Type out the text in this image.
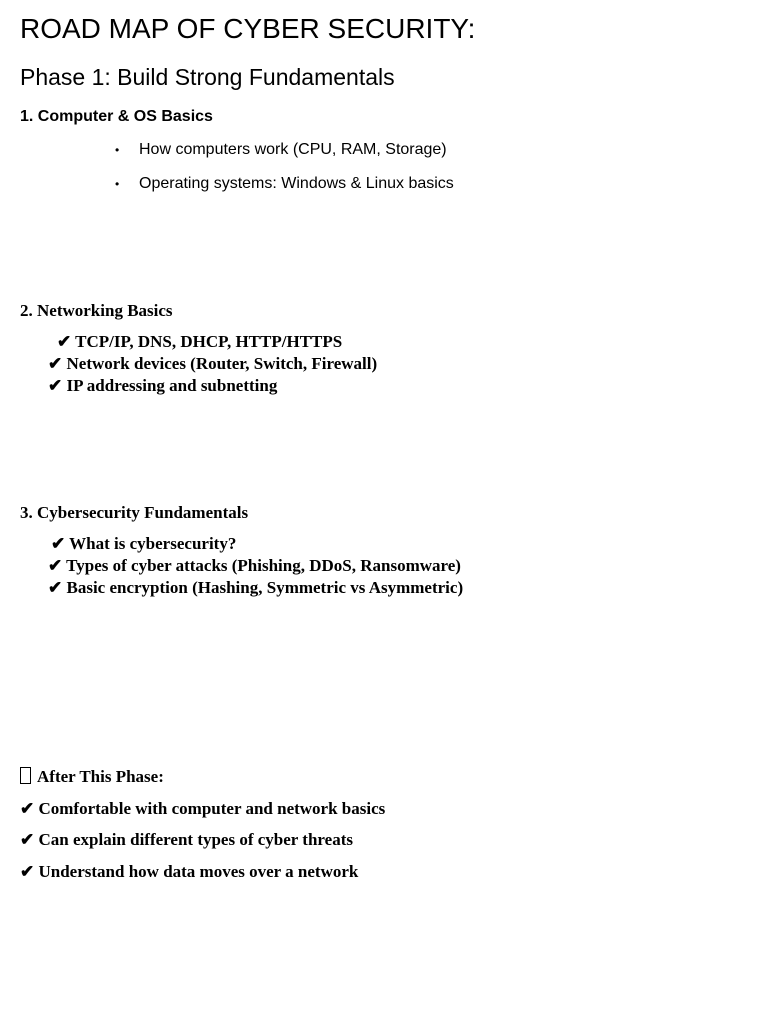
ROAD MAP OF CYBER SECURITY:
Phase 1: Build Strong Fundamentals
1. Computer & OS Basics
• How computers work (CPU, RAM, Storage)
• Operating systems: Windows & Linux basics
2. Networking Basics
✔ TCP/IP, DNS, DHCP, HTTP/HTTPS
✔ Network devices (Router, Switch, Firewall)
✔ IP addressing and subnetting
3. Cybersecurity Fundamentals
✔ What is cybersecurity?
✔ Types of cyber attacks (Phishing, DDoS, Ransomware)
✔ Basic encryption (Hashing, Symmetric vs Asymmetric)
After This Phase:
✔ Comfortable with computer and network basics
✔ Can explain different types of cyber threats
✔ Understand how data moves over a network
